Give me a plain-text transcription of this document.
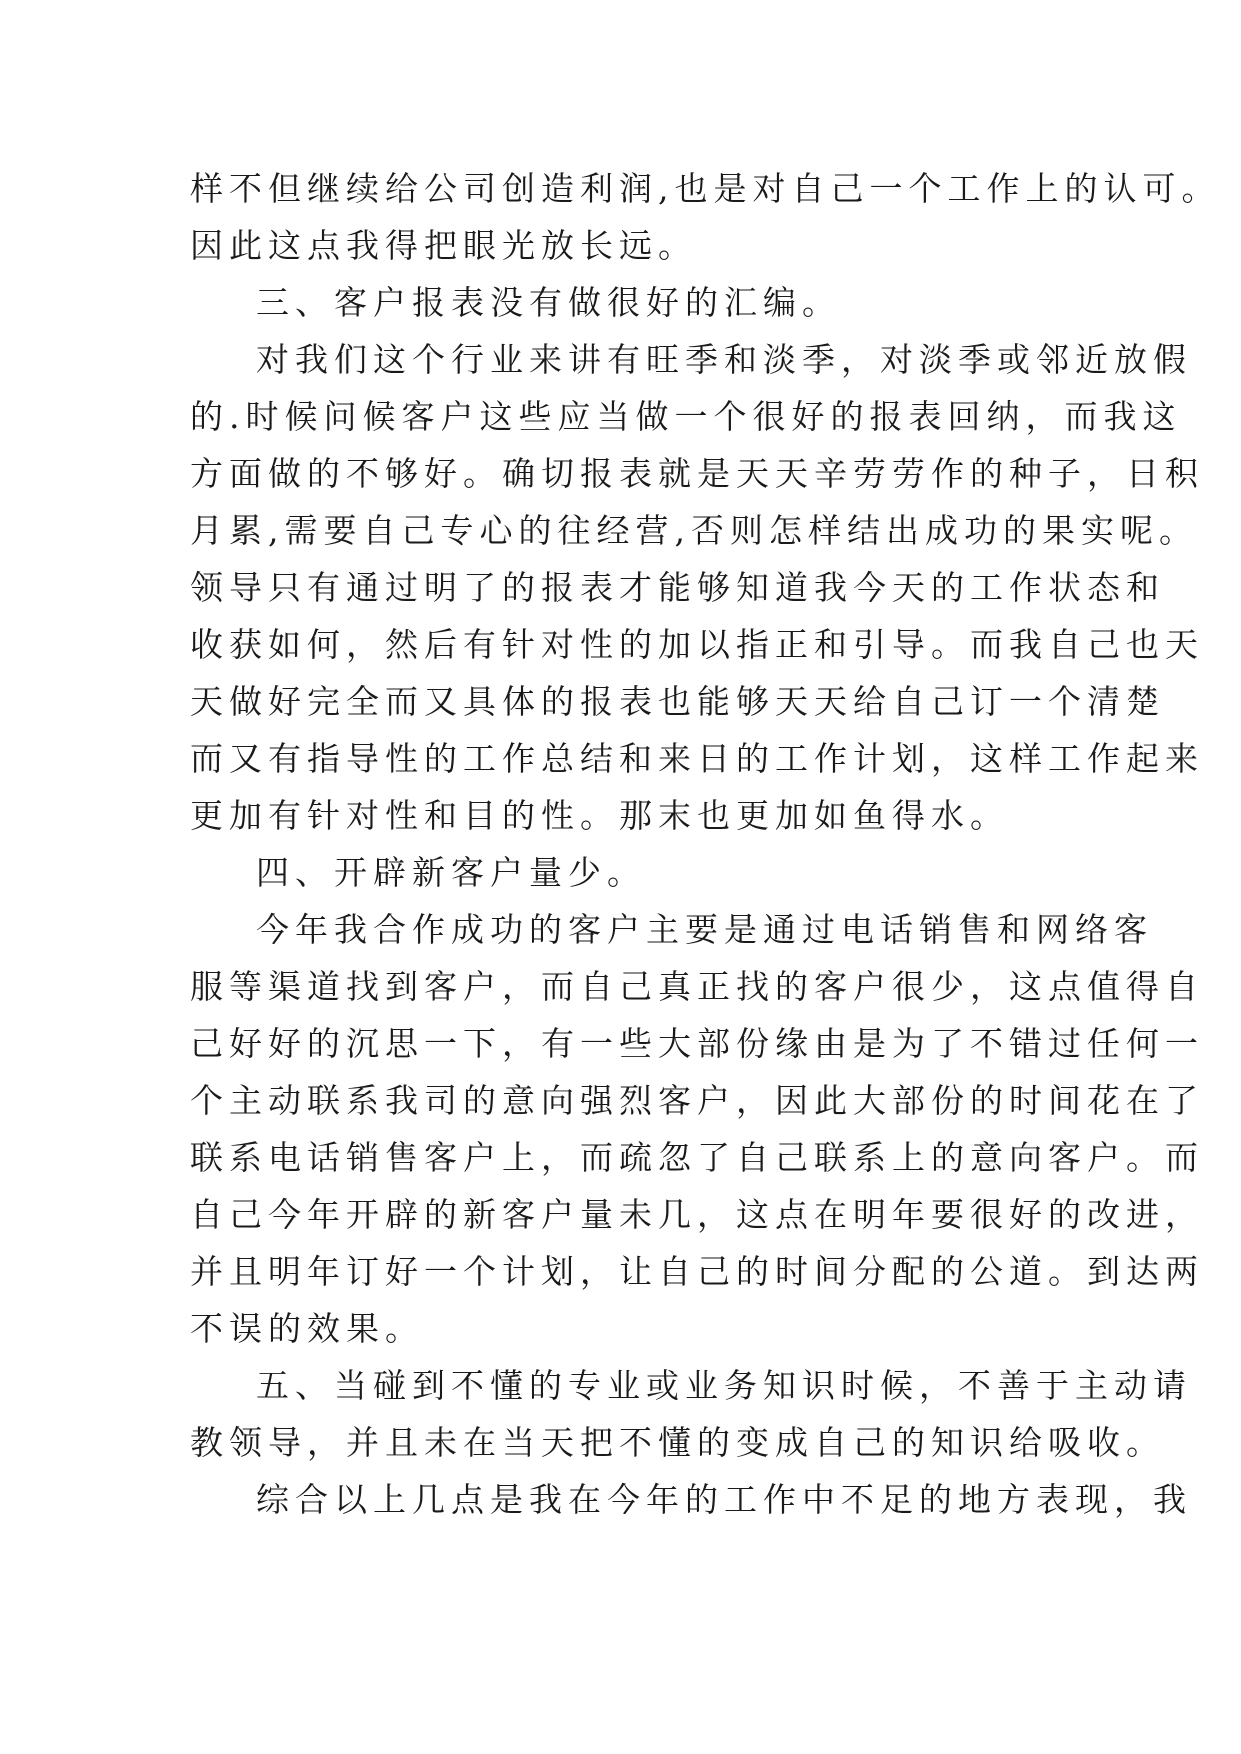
样不但继续给公司创造利润,也是对自己一个工作上的认可。
因此这点我得把眼光放长远。
三、客户报表没有做很好的汇编。
对我们这个行业来讲有旺季和淡季，对淡季或邻近放假
的.时候问候客户这些应当做一个很好的报表回纳，而我这
方面做的不够好。确切报表就是天天辛劳劳作的种子，日积
月累,需要自己专心的往经营,否则怎样结出成功的果实呢。
领导只有通过明了的报表才能够知道我今天的工作状态和
收获如何，然后有针对性的加以指正和引导。而我自己也天
天做好完全而又具体的报表也能够天天给自己订一个清楚
而又有指导性的工作总结和来日的工作计划，这样工作起来
更加有针对性和目的性。那末也更加如鱼得水。
四、开辟新客户量少。
今年我合作成功的客户主要是通过电话销售和网络客
服等渠道找到客户，而自己真正找的客户很少，这点值得自
己好好的沉思一下，有一些大部份缘由是为了不错过任何一
个主动联系我司的意向强烈客户，因此大部份的时间花在了
联系电话销售客户上，而疏忽了自己联系上的意向客户。而
自己今年开辟的新客户量未几，这点在明年要很好的改进，
并且明年订好一个计划，让自己的时间分配的公道。到达两
不误的效果。
五、当碰到不懂的专业或业务知识时候，不善于主动请
教领导，并且未在当天把不懂的变成自己的知识给吸收。
综合以上几点是我在今年的工作中不足的地方表现，我
